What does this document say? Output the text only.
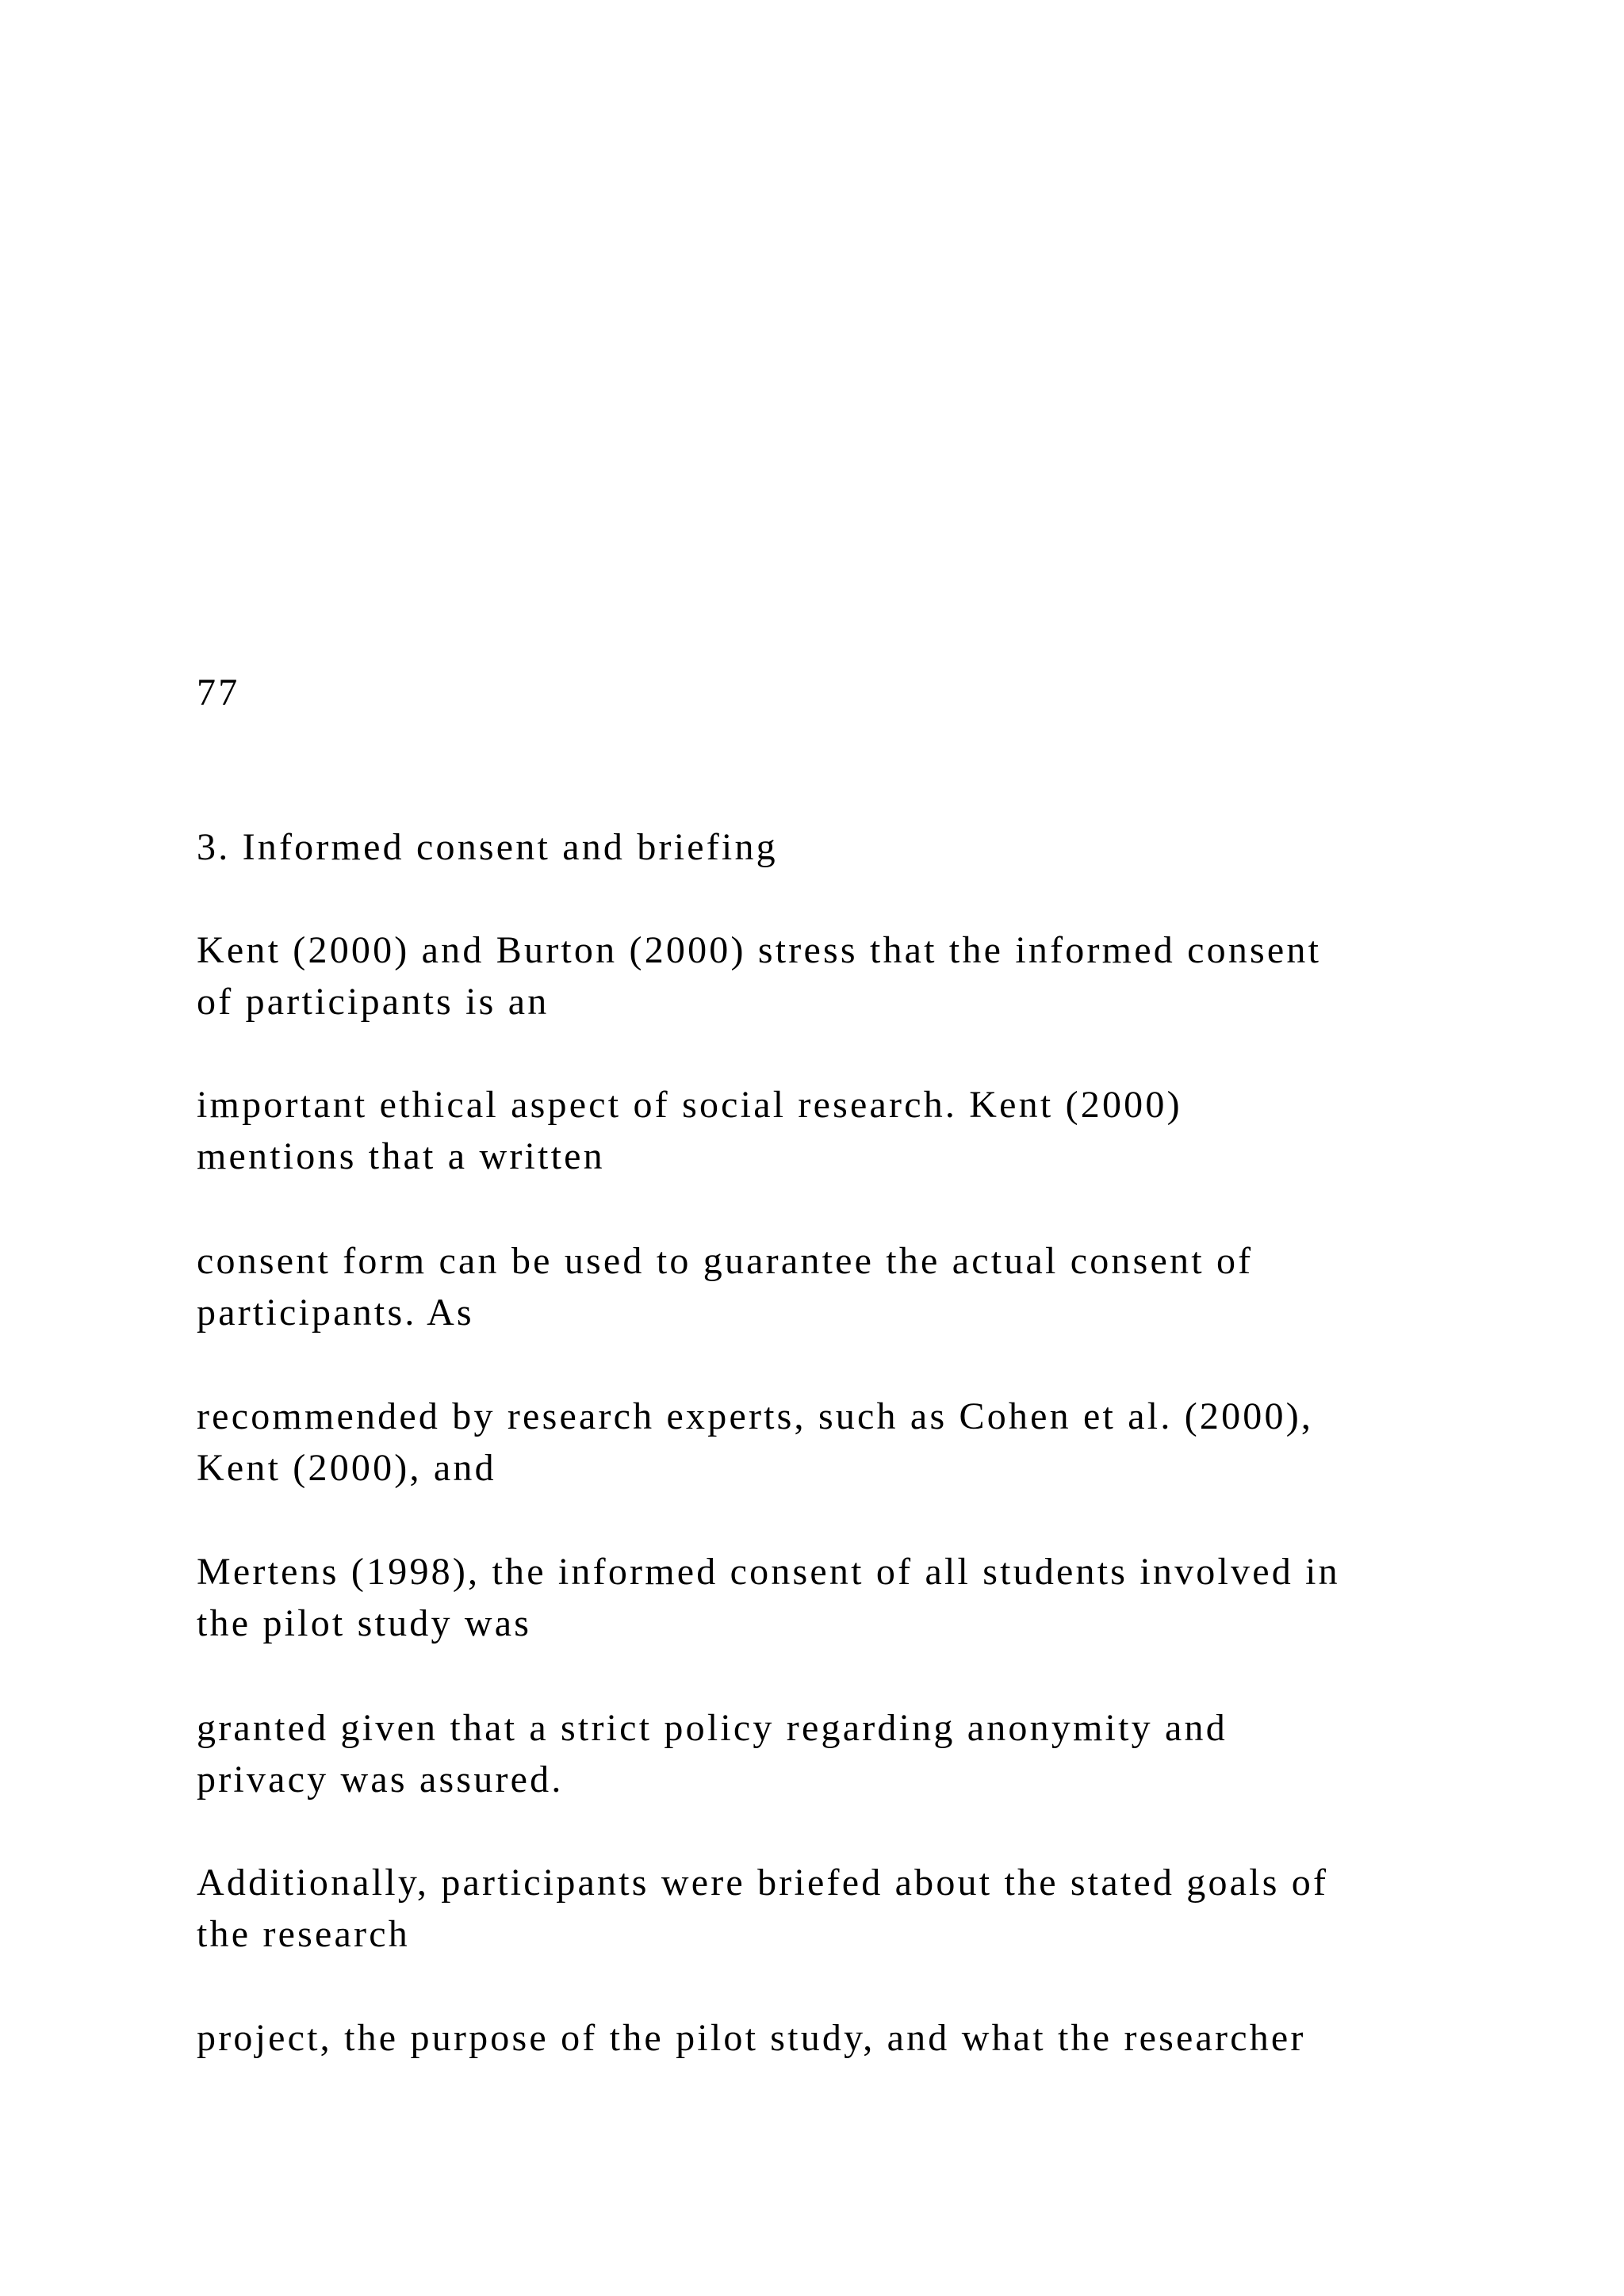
77
3. Informed consent and briefing
Kent (2000) and Burton (2000) stress that the informed consent
of participants is an
important ethical aspect of social research. Kent (2000)
mentions that a written
consent form can be used to guarantee the actual consent of
participants. As
recommended by research experts, such as Cohen et al. (2000),
Kent (2000), and
Mertens (1998), the informed consent of all students involved in
the pilot study was
granted given that a strict policy regarding anonymity and
privacy was assured.
Additionally, participants were briefed about the stated goals of
the research
project, the purpose of the pilot study, and what the researcher
